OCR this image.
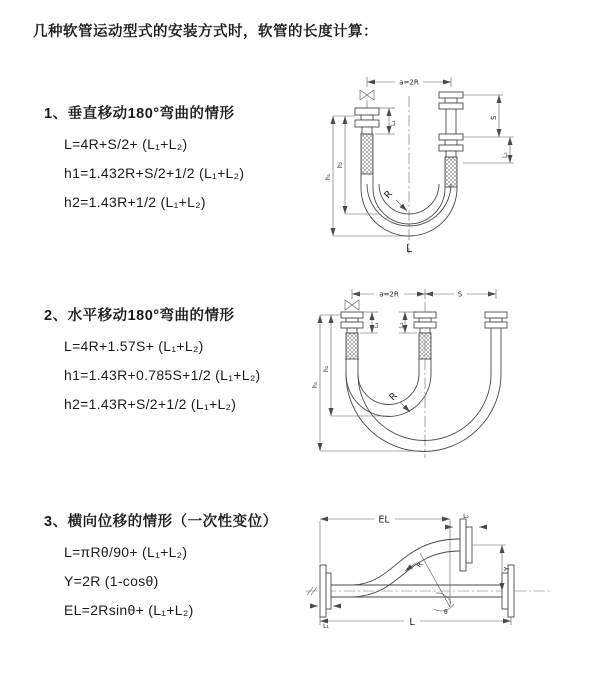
几种软管运动型式的安装方式时，软管的长度计算：
1、垂直移动180°弯曲的情形
L=4R+S/2+ (L₁+L₂)
h1=1.432R+S/2+1/2 (L₁+L₂)
h2=1.43R+1/2 (L₁+L₂)
a=2R
h₁
h₂
L₁
S
L₂
R
L
2、水平移动180°弯曲的情形
L=4R+1.57S+ (L₁+L₂)
h1=1.43R+0.785S+1/2 (L₁+L₂)
h2=1.43R+S/2+1/2 (L₁+L₂)
a=2R	S
L₁	L₂
h₁
h₂
R
3、横向位移的情形（一次性变位）
L=πRθ/90+ (L₁+L₂)
Y=2R (1-cosθ)
EL=2Rsinθ+ (L₁+L₂)
EL	L₂
Y
θ
R
L₁	L
